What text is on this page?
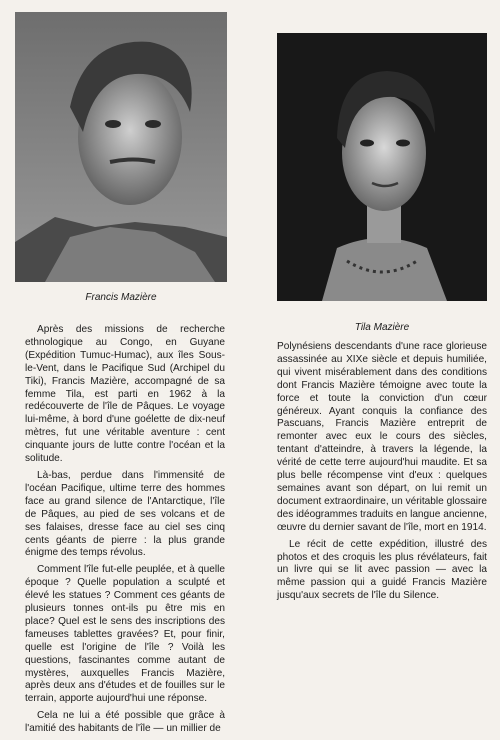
Francis Mazière
Tila Mazière

Après des missions de recherche ethnologique au Congo, en Guyane (Expédition Tumuc-Humac), aux îles Sous-le-Vent, dans le Pacifique Sud (Archipel du Tiki), Francis Mazière, accompagné de sa femme Tila, est parti en 1962 à la redécouverte de l'île de Pâques. Le voyage lui-même, à bord d'une goélette de dix-neuf mètres, fut une véritable aventure : cent cinquante jours de lutte contre l'océan et la solitude.

Là-bas, perdue dans l'immensité de l'océan Pacifique, ultime terre des hommes face au grand silence de l'Antarctique, l'île de Pâques, au pied de ses volcans et de ses falaises, dresse face au ciel ses cinq cents géants de pierre : la plus grande énigme des temps révolus.

Comment l'île fut-elle peuplée, et à quelle époque ? Quelle population a sculpté et élevé les statues ? Comment ces géants de plusieurs tonnes ont-ils pu être mis en place? Quel est le sens des inscriptions des fameuses tablettes gravées? Et, pour finir, quelle est l'origine de l'île ? Voilà les questions, fascinantes comme autant de mystères, auxquelles Francis Mazière, après deux ans d'études et de fouilles sur le terrain, apporte aujourd'hui une réponse.

Cela ne lui a été possible que grâce à l'amitié des habitants de l'île — un millier de

Polynésiens descendants d'une race glorieuse assassinée au XIXe siècle et depuis humiliée, qui vivent misérablement dans des conditions dont Francis Mazière témoigne avec toute la force et toute la conviction d'un cœur généreux. Ayant conquis la confiance des Pascuans, Francis Mazière entreprit de remonter avec eux le cours des siècles, tentant d'atteindre, à travers la légende, la vérité de cette terre aujourd'hui maudite. Et sa plus belle récompense vint d'eux : quelques semaines avant son départ, on lui remit un document extraordinaire, un véritable glossaire des idéogrammes traduits en langue ancienne, œuvre du dernier savant de l'île, mort en 1914.

Le récit de cette expédition, illustré des photos et des croquis les plus révélateurs, fait un livre qui se lit avec passion — avec la même passion qui a guidé Francis Mazière jusqu'aux secrets de l'île du Silence.
